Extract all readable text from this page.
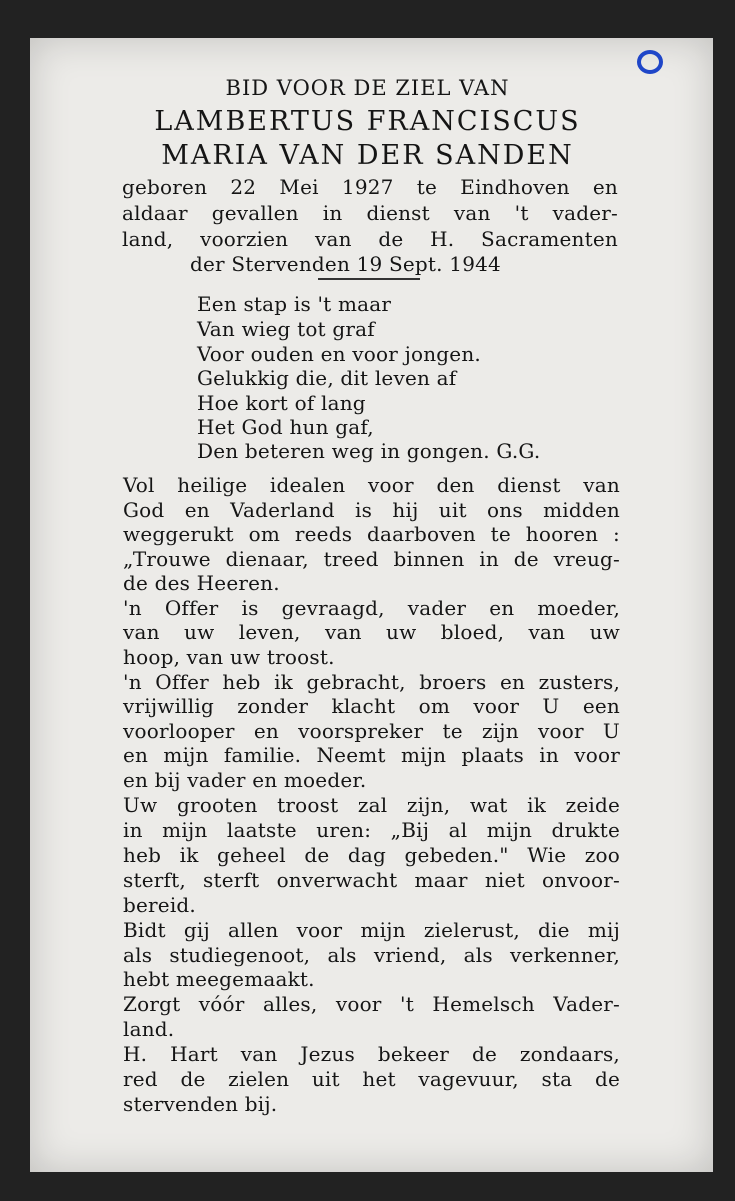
BID VOOR DE ZIEL VAN
LAMBERTUS FRANCISCUS
MARIA VAN DER SANDEN
geboren 22 Mei 1927 te Eindhoven en
aldaar gevallen in dienst van 't vader-
land, voorzien van de H. Sacramenten
der Stervenden 19 Sept. 1944
Een stap is 't maar
Van wieg tot graf
Voor ouden en voor jongen.
Gelukkig die, dit leven af
Hoe kort of lang
Het God hun gaf,
Den beteren weg in gongen. G.G.
Vol heilige idealen voor den dienst van
God en Vaderland is hij uit ons midden
weggerukt om reeds daarboven te hooren :
„Trouwe dienaar, treed binnen in de vreug-
de des Heeren.
'n Offer is gevraagd, vader en moeder,
van uw leven, van uw bloed, van uw
hoop, van uw troost.
'n Offer heb ik gebracht, broers en zusters,
vrijwillig zonder klacht om voor U een
voorlooper en voorspreker te zijn voor U
en mijn familie. Neemt mijn plaats in voor
en bij vader en moeder.
Uw grooten troost zal zijn, wat ik zeide
in mijn laatste uren: „Bij al mijn drukte
heb ik geheel de dag gebeden." Wie zoo
sterft, sterft onverwacht maar niet onvoor-
bereid.
Bidt gij allen voor mijn zielerust, die mij
als studiegenoot, als vriend, als verkenner,
hebt meegemaakt.
Zorgt vóór alles, voor 't Hemelsch Vader-
land.
H. Hart van Jezus bekeer de zondaars,
red de zielen uit het vagevuur, sta de
stervenden bij.
